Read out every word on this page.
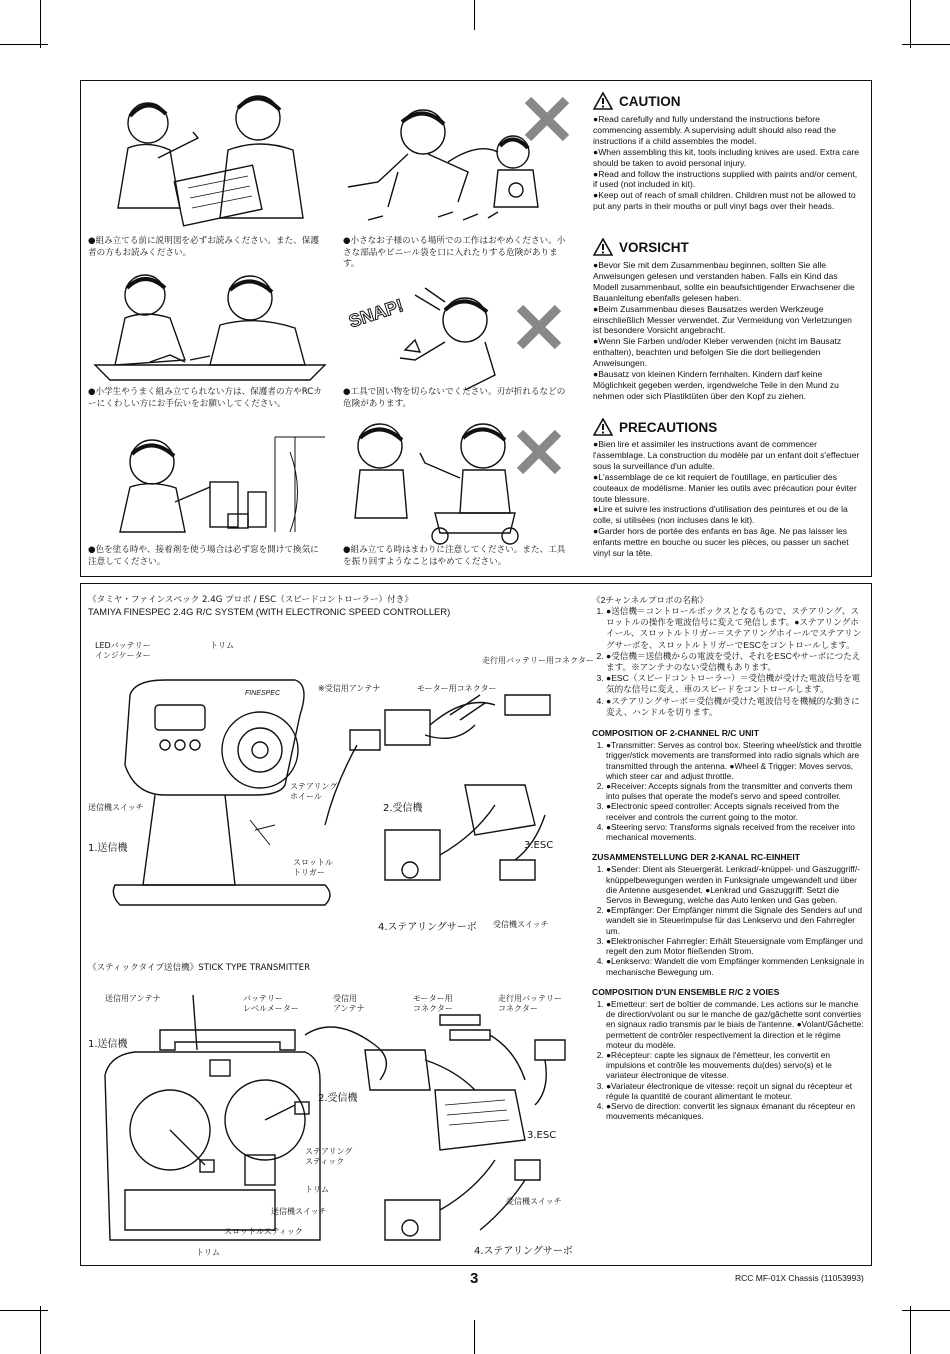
SNAP!
●組み立てる前に説明図を必ずお読みください。また、保護者の方もお読みください。
●小さなお子様のいる場所での工作はおやめください。小さな部品やビニール袋を口に入れたりする危険があります。
●小学生やうまく組み立てられない方は、保護者の方やRCカーにくわしい方にお手伝いをお願いしてください。
●工具で固い物を切らないでください。刃が折れるなどの危険があります。
●色を塗る時や、接着剤を使う場合は必ず窓を開けて換気に注意してください。
●組み立てる時はまわりに注意してください。また、工具を振り回すようなことはやめてください。
CAUTION

●Read carefully and fully understand the instructions before commencing assembly. A supervising adult should also read the instructions if a child assembles the model.

●When assembling this kit, tools including knives are used. Extra care should be taken to avoid personal injury.

●Read and follow the instructions supplied with paints and/or cement, if used (not included in kit).

●Keep out of reach of small children. Children must not be allowed to put any parts in their mouths or pull vinyl bags over their heads.

VORSICHT

●Bevor Sie mit dem Zusammenbau beginnen, sollten Sie alle Anweisungen gelesen und verstanden haben. Falls ein Kind das Modell zusammenbaut, sollte ein beaufsichtigender Erwachsener die Bauanleitung ebenfalls gelesen haben.

●Beim Zusammenbau dieses Bausatzes werden Werkzeuge einschließlich Messer verwendet. Zur Vermeidung von Verletzungen ist besondere Vorsicht angebracht.

●Wenn Sie Farben und/oder Kleber verwenden (nicht im Bausatz enthalten), beachten und befolgen Sie die dort beiliegenden Anweisungen.

●Bausatz von kleinen Kindern fernhalten. Kindern darf keine Möglichkeit gegeben werden, irgendwelche Teile in den Mund zu nehmen oder sich Plastiktüten über den Kopf zu ziehen.

PRECAUTIONS

●Bien lire et assimiler les instructions avant de commencer l'assemblage. La construction du modèle par un enfant doit s'effectuer sous la surveillance d'un adulte.

●L'assemblage de ce kit requiert de l'outillage, en particulier des couteaux de modélisme. Manier les outils avec précaution pour éviter toute blessure.

●Lire et suivre les instructions d'utilisation des peintures et ou de la colle, si utilisées (non incluses dans le kit).

●Garder hors de portée des enfants en bas âge. Ne pas laisser les enfants mettre en bouche ou sucer les pièces, ou passer un sachet vinyl sur la tête.

《タミヤ・ファインスペック 2.4G プロポ / ESC（スピードコントローラー）付き》
TAMIYA FINESPEC 2.4G R/C SYSTEM (WITH ELECTRONIC SPEED CONTROLLER)
FINESPEC
LEDバッテリー
インジケーター
トリム
※受信用アンテナ	モーター用コネクター
走行用バッテリー用コネクター
ステアリング
ホイール
2.受信機
送信機スイッチ
1.送信機	3.ESC
スロットル
トリガー
4.ステアリングサーボ 受信機スイッチ
《スティックタイプ送信機》STICK TYPE TRANSMITTER
送信用アンテナ	バッテリー
レベルメーター
受信用
アンテナ
モーター用
コネクター
走行用バッテリー
コネクター
1.送信機
2.受信機
3.ESC
ステアリング
スティック
トリム
送信機スイッチ
受信機スイッチ
スロットルスティック
トリム	4.ステアリングサーボ
《2チャンネルプロポの名称》
1. ●送信機＝コントロールボックスとなるもので、ステアリング、スロットルの操作を電波信号に変えて発信します。●ステアリングホイール、スロットルトリガー＝ステアリングホイールでステアリングサーボを、スロットルトリガーでESCをコントロールします。
2. ●受信機＝送信機からの電波を受け、それをESCやサーボにつたえます。※アンテナのない受信機もあります。
3. ●ESC（スピードコントローラー）＝受信機が受けた電波信号を電気的な信号に変え、車のスピードをコントロールします。
4. ●ステアリングサーボ＝受信機が受けた電波信号を機械的な動きに変え、ハンドルを切ります。
COMPOSITION OF 2-CHANNEL R/C UNIT
1. ●Transmitter: Serves as control box. Steering wheel/stick and throttle trigger/stick movements are transformed into radio signals which are transmitted through the antenna. ●Wheel & Trigger: Moves servos, which steer car and adjust throttle.
2. ●Receiver: Accepts signals from the transmitter and converts them into pulses that operate the model's servo and speed controller.
3. ●Electronic speed controller: Accepts signals received from the receiver and controls the current going to the motor.
4. ●Steering servo: Transforms signals received from the receiver into mechanical movements.
ZUSAMMENSTELLUNG DER 2-KANAL RC-EINHEIT
1. ●Sender: Dient als Steuergerät. Lenkrad/-knüppel- und Gaszuggriff/- knüppelbewegungen werden in Funksignale umgewandelt und über die Antenne ausgesendet. ●Lenkrad und Gaszuggriff: Setzt die Servos in Bewegung, welche das Auto lenken und Gas geben.
2. ●Empfänger: Der Empfänger nimmt die Signale des Senders auf und wandelt sie in Steuerimpulse für das Lenkservo und den Fahrregler um.
3. ●Elektronischer Fahrregler: Erhält Steuersignale vom Empfänger und regelt den zum Motor fließenden Strom.
4. ●Lenkservo: Wandelt die vom Empfänger kommenden Lenksignale in mechanische Bewegung um.
COMPOSITION D'UN ENSEMBLE R/C 2 VOIES
1. ●Emetteur: sert de boîtier de commande. Les actions sur le manche de direction/volant ou sur le manche de gaz/gâchette sont converties en signaux radio transmis par le biais de l'antenne. ●Volant/Gâchette: permettent de contrôler respectivement la direction et le régime moteur du modèle.
2. ●Récepteur: capte les signaux de l'émetteur, les convertit en impulsions et contrôle les mouvements du(des) servo(s) et le variateur électronique de vitesse.
3. ●Variateur électronique de vitesse: reçoit un signal du récepteur et régule la quantité de courant alimentant le moteur.
4. ●Servo de direction: convertit les signaux émanant du récepteur en mouvements mécaniques.
3	RCC MF-01X Chassis (11053993)
